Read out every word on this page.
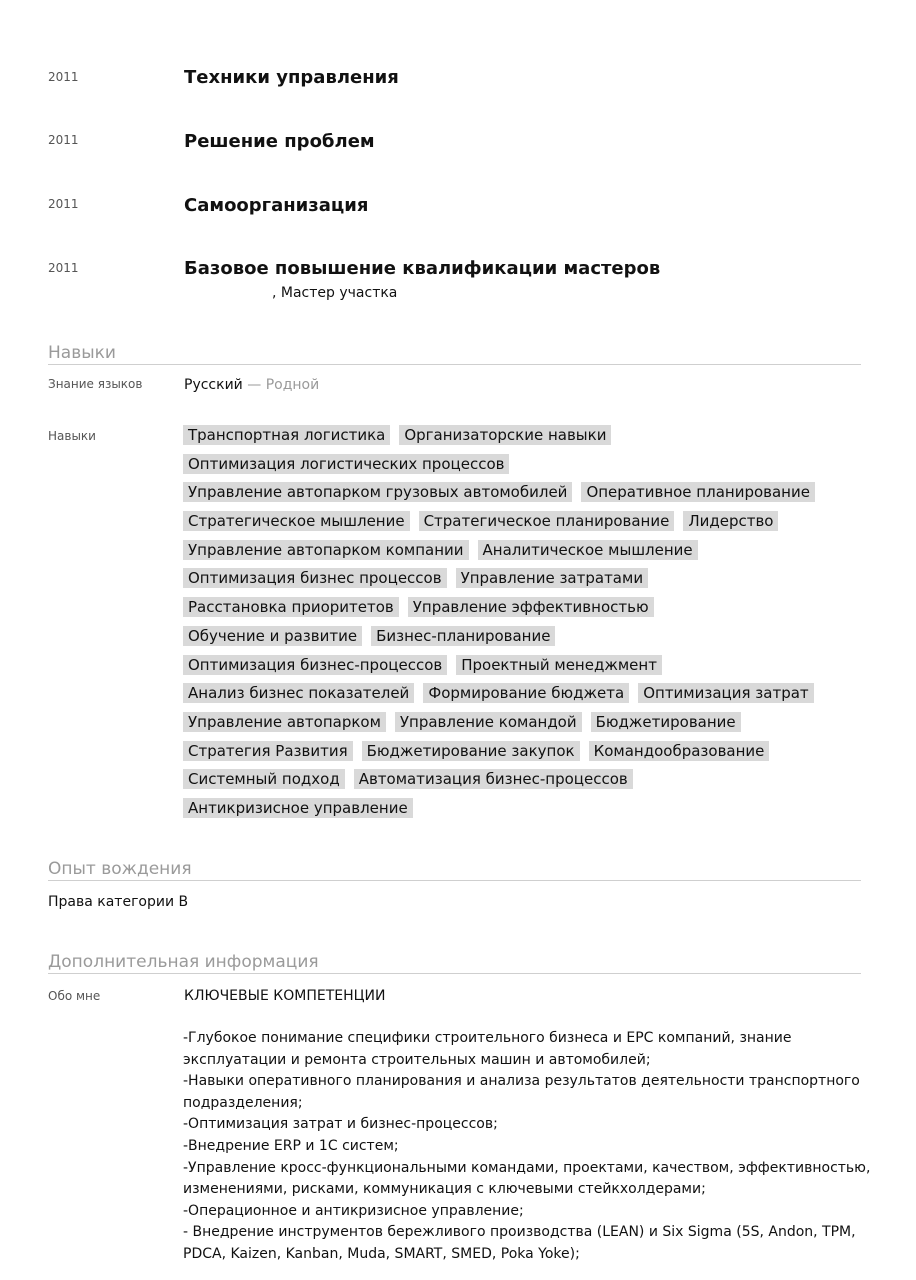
2011	Техники управления
2011	Решение проблем
2011	Самоорганизация
2011	Базовое повышение квалификации мастеров
, Мастер участка
Навыки
Знание языков	Русский — Родной
Навыки	Транспортная логистика	Организаторские навыки
Оптимизация логистических процессов
Управление автопарком грузовых автомобилей	Оперативное планирование
Стратегическое мышление	Стратегическое планирование	Лидерство
Управление автопарком компании	Аналитическое мышление
Оптимизация бизнес процессов	Управление затратами
Расстановка приоритетов	Управление эффективностью
Обучение и развитие	Бизнес-планирование
Оптимизация бизнес-процессов	Проектный менеджмент
Анализ бизнес показателей	Формирование бюджета	Оптимизация затрат
Управление автопарком	Управление командой	Бюджетирование
Стратегия Развития	Бюджетирование закупок	Командообразование
Системный подход	Автоматизация бизнес-процессов
Антикризисное управление
Опыт вождения
Права категории B
Дополнительная информация
Обо мне	КЛЮЧЕВЫЕ КОМПЕТЕНЦИИ
-Глубокое понимание специфики строительного бизнеса и EPC компаний, знание
эксплуатации и ремонта строительных машин и автомобилей;
-Навыки оперативного планирования и анализа результатов деятельности транспортного
подразделения;
-Оптимизация затрат и бизнес-процессов;
-Внедрение ERP и 1С систем;
-Управление кросс-функциональными командами, проектами, качеством, эффективностью,
изменениями, рисками, коммуникация с ключевыми стейкхолдерами;
-Операционное и антикризисное управление;
- Внедрение инструментов бережливого производства (LEAN) и Six Sigma (5S, Andon, TPM,
PDCA, Kaizen, Kanban, Muda, SMART, SMED, Poka Yoke);
